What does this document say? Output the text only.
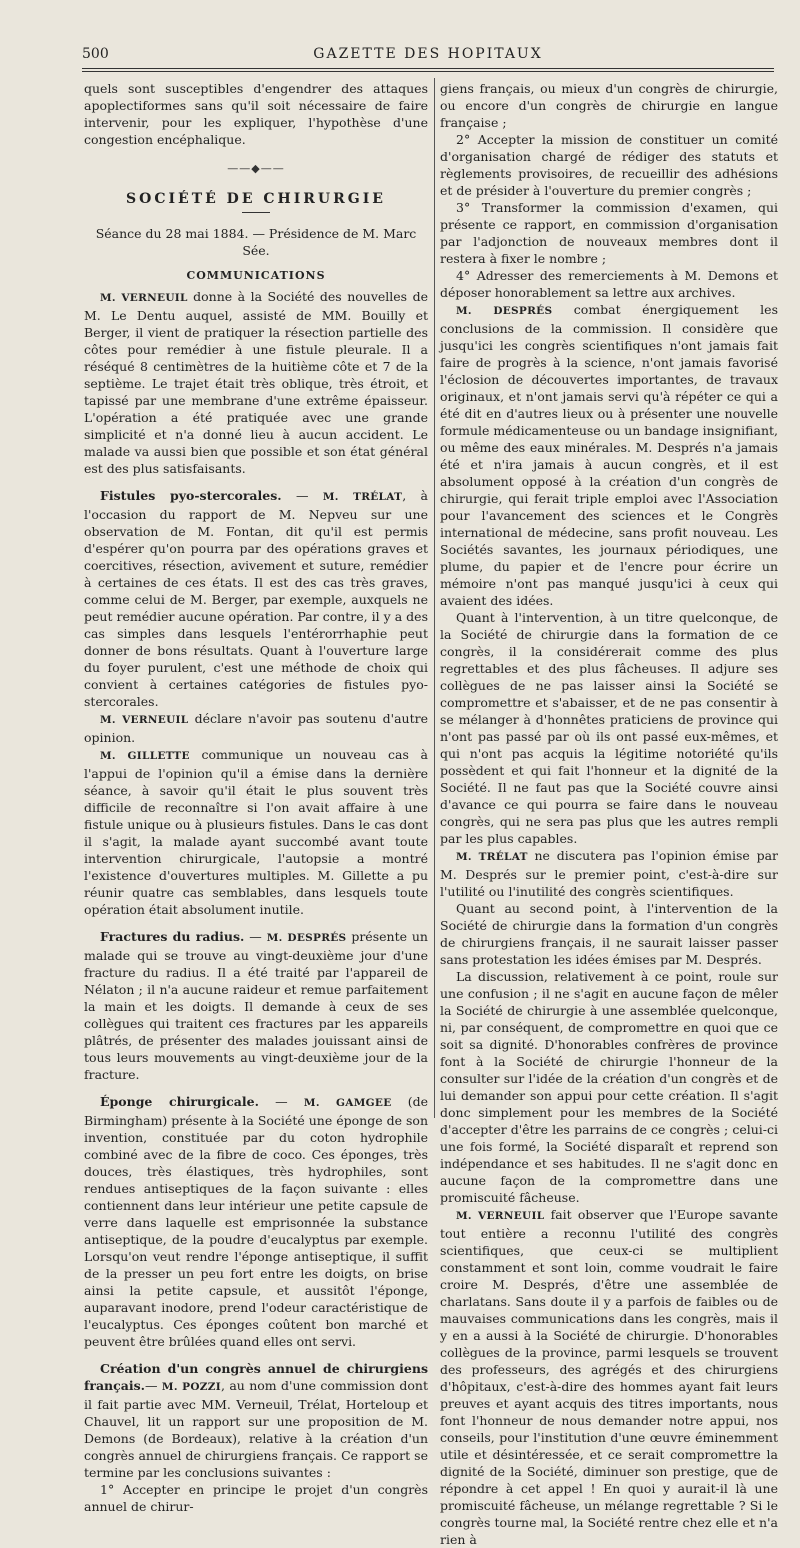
500	GAZETTE DES HOPITAUX

quels sont susceptibles d'engendrer des attaques apoplectiformes sans qu'il soit nécessaire de faire intervenir, pour les expliquer, l'hypothèse d'une congestion encéphalique.

——◆——
SOCIÉTÉ DE CHIRURGIE
Séance du 28 mai 1884. — Présidence de M. Marc Sée.
COMMUNICATIONS

M. VERNEUIL donne à la Société des nouvelles de M. Le Dentu auquel, assisté de MM. Bouilly et Berger, il vient de pratiquer la résection partielle des côtes pour remédier à une fistule pleurale. Il a réséqué 8 centimètres de la huitième côte et 7 de la septième. Le trajet était très oblique, très étroit, et tapissé par une membrane d'une extrême épaisseur. L'opération a été pratiquée avec une grande simplicité et n'a donné lieu à aucun accident. Le malade va aussi bien que possible et son état général est des plus satisfaisants.

Fistules pyo-stercorales. — M. TRÉLAT, à l'occasion du rapport de M. Nepveu sur une observation de M. Fontan, dit qu'il est permis d'espérer qu'on pourra par des opérations graves et coercitives, résection, avivement et suture, remédier à certaines de ces états. Il est des cas très graves, comme celui de M. Berger, par exemple, auxquels ne peut remédier aucune opération. Par contre, il y a des cas simples dans lesquels l'entérorrhaphie peut donner de bons résultats. Quant à l'ouverture large du foyer purulent, c'est une méthode de choix qui convient à certaines catégories de fistules pyo-stercorales.

M. VERNEUIL déclare n'avoir pas soutenu d'autre opinion.

M. GILLETTE communique un nouveau cas à l'appui de l'opinion qu'il a émise dans la dernière séance, à savoir qu'il était le plus souvent très difficile de reconnaître si l'on avait affaire à une fistule unique ou à plusieurs fistules. Dans le cas dont il s'agit, la malade ayant succombé avant toute intervention chirurgicale, l'autopsie a montré l'existence d'ouvertures multiples. M. Gillette a pu réunir quatre cas semblables, dans lesquels toute opération était absolument inutile.

Fractures du radius. — M. DESPRÉS présente un malade qui se trouve au vingt-deuxième jour d'une fracture du radius. Il a été traité par l'appareil de Nélaton ; il n'a aucune raideur et remue parfaitement la main et les doigts. Il demande à ceux de ses collègues qui traitent ces fractures par les appareils plâtrés, de présenter des malades jouissant ainsi de tous leurs mouvements au vingt-deuxième jour de la fracture.

Éponge chirurgicale. — M. GAMGEE (de Birmingham) présente à la Société une éponge de son invention, constituée par du coton hydrophile combiné avec de la fibre de coco. Ces éponges, très douces, très élastiques, très hydrophiles, sont rendues antiseptiques de la façon suivante : elles contiennent dans leur intérieur une petite capsule de verre dans laquelle est emprisonnée la substance antiseptique, de la poudre d'eucalyptus par exemple. Lorsqu'on veut rendre l'éponge antiseptique, il suffit de la presser un peu fort entre les doigts, on brise ainsi la petite capsule, et aussitôt l'éponge, auparavant inodore, prend l'odeur caractéristique de l'eucalyptus. Ces éponges coûtent bon marché et peuvent être brûlées quand elles ont servi.

Création d'un congrès annuel de chirurgiens français.— M. POZZI, au nom d'une commission dont il fait partie avec MM. Verneuil, Trélat, Horteloup et Chauvel, lit un rapport sur une proposition de M. Demons (de Bordeaux), relative à la création d'un congrès annuel de chirurgiens français. Ce rapport se termine par les conclusions suivantes :

1° Accepter en principe le projet d'un congrès annuel de chirur-

giens français, ou mieux d'un congrès de chirurgie, ou encore d'un congrès de chirurgie en langue française ;

2° Accepter la mission de constituer un comité d'organisation chargé de rédiger des statuts et règlements provisoires, de recueillir des adhésions et de présider à l'ouverture du premier congrès ;

3° Transformer la commission d'examen, qui présente ce rapport, en commission d'organisation par l'adjonction de nouveaux membres dont il restera à fixer le nombre ;

4° Adresser des remerciements à M. Demons et déposer honorablement sa lettre aux archives.

M. DESPRÉS combat énergiquement les conclusions de la commission. Il considère que jusqu'ici les congrès scientifiques n'ont jamais fait faire de progrès à la science, n'ont jamais favorisé l'éclosion de découvertes importantes, de travaux originaux, et n'ont jamais servi qu'à répéter ce qui a été dit en d'autres lieux ou à présenter une nouvelle formule médicamenteuse ou un bandage insignifiant, ou même des eaux minérales. M. Després n'a jamais été et n'ira jamais à aucun congrès, et il est absolument opposé à la création d'un congrès de chirurgie, qui ferait triple emploi avec l'Association pour l'avancement des sciences et le Congrès international de médecine, sans profit nouveau. Les Sociétés savantes, les journaux périodiques, une plume, du papier et de l'encre pour écrire un mémoire n'ont pas manqué jusqu'ici à ceux qui avaient des idées.

Quant à l'intervention, à un titre quelconque, de la Société de chirurgie dans la formation de ce congrès, il la considérerait comme des plus regrettables et des plus fâcheuses. Il adjure ses collègues de ne pas laisser ainsi la Société se compromettre et s'abaisser, et de ne pas consentir à se mélanger à d'honnêtes praticiens de province qui n'ont pas passé par où ils ont passé eux-mêmes, et qui n'ont pas acquis la légitime notoriété qu'ils possèdent et qui fait l'honneur et la dignité de la Société. Il ne faut pas que la Société couvre ainsi d'avance ce qui pourra se faire dans le nouveau congrès, qui ne sera pas plus que les autres rempli par les plus capables.

M. TRÉLAT ne discutera pas l'opinion émise par M. Després sur le premier point, c'est-à-dire sur l'utilité ou l'inutilité des congrès scientifiques.

Quant au second point, à l'intervention de la Société de chirurgie dans la formation d'un congrès de chirurgiens français, il ne saurait laisser passer sans protestation les idées émises par M. Després.

La discussion, relativement à ce point, roule sur une confusion ; il ne s'agit en aucune façon de mêler la Société de chirurgie à une assemblée quelconque, ni, par conséquent, de compromettre en quoi que ce soit sa dignité. D'honorables confrères de province font à la Société de chirurgie l'honneur de la consulter sur l'idée de la création d'un congrès et de lui demander son appui pour cette création. Il s'agit donc simplement pour les membres de la Société d'accepter d'être les parrains de ce congrès ; celui-ci une fois formé, la Société disparaît et reprend son indépendance et ses habitudes. Il ne s'agit donc en aucune façon de la compromettre dans une promiscuité fâcheuse.

M. VERNEUIL fait observer que l'Europe savante tout entière a reconnu l'utilité des congrès scientifiques, que ceux-ci se multiplient constamment et sont loin, comme voudrait le faire croire M. Després, d'être une assemblée de charlatans. Sans doute il y a parfois de faibles ou de mauvaises communications dans les congrès, mais il y en a aussi à la Société de chirurgie. D'honorables collègues de la province, parmi lesquels se trouvent des professeurs, des agrégés et des chirurgiens d'hôpitaux, c'est-à-dire des hommes ayant fait leurs preuves et ayant acquis des titres importants, nous font l'honneur de nous demander notre appui, nos conseils, pour l'institution d'une œuvre éminemment utile et désintéressée, et ce serait compromettre la dignité de la Société, diminuer son prestige, que de répondre à cet appel ! En quoi y aurait-il là une promiscuité fâcheuse, un mélange regrettable ? Si le congrès tourne mal, la Société rentre chez elle et n'a rien à
